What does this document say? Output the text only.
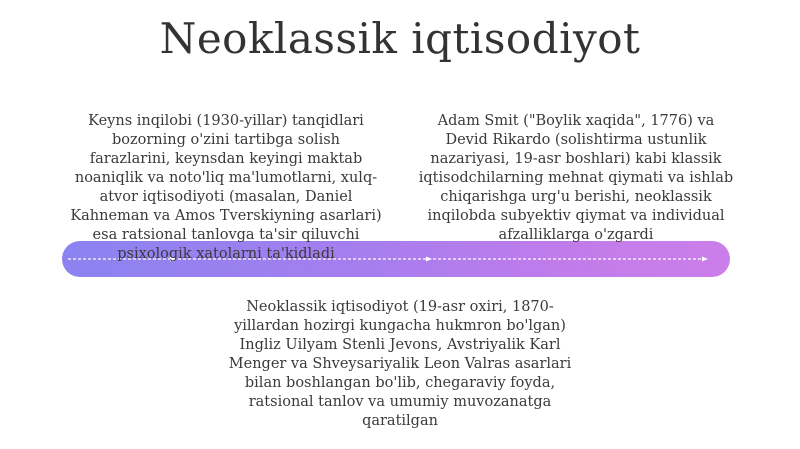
Neoklassik iqtisodiyot
Keyns inqilobi (1930-yillar) tanqidlari bozorning o'zini tartibga solish farazlarini, keynsdan keyingi maktab noaniqlik va noto'liq ma'lumotlarni, xulq-atvor iqtisodiyoti (masalan, Daniel Kahneman va Amos Tverskiyning asarlari) esa ratsional tanlovga ta'sir qiluvchi psixologik xatolarni ta'kidladi
Adam Smit ("Boylik xaqida", 1776) va Devid Rikardo (solishtirma ustunlik nazariyasi, 19-asr boshlari) kabi klassik iqtisodchilarning mehnat qiymati va ishlab chiqarishga urg'u berishi, neoklassik inqilobda subyektiv qiymat va individual afzalliklarga o'zgardi
Neoklassik iqtisodiyot (19-asr oxiri, 1870-yillardan hozirgi kungacha hukmron bo'lgan) Ingliz Uilyam Stenli Jevons, Avstriyalik Karl Menger va Shveysariyalik Leon Valras asarlari bilan boshlangan bo'lib, chegaraviy foyda, ratsional tanlov va umumiy muvozanatga qaratilgan
